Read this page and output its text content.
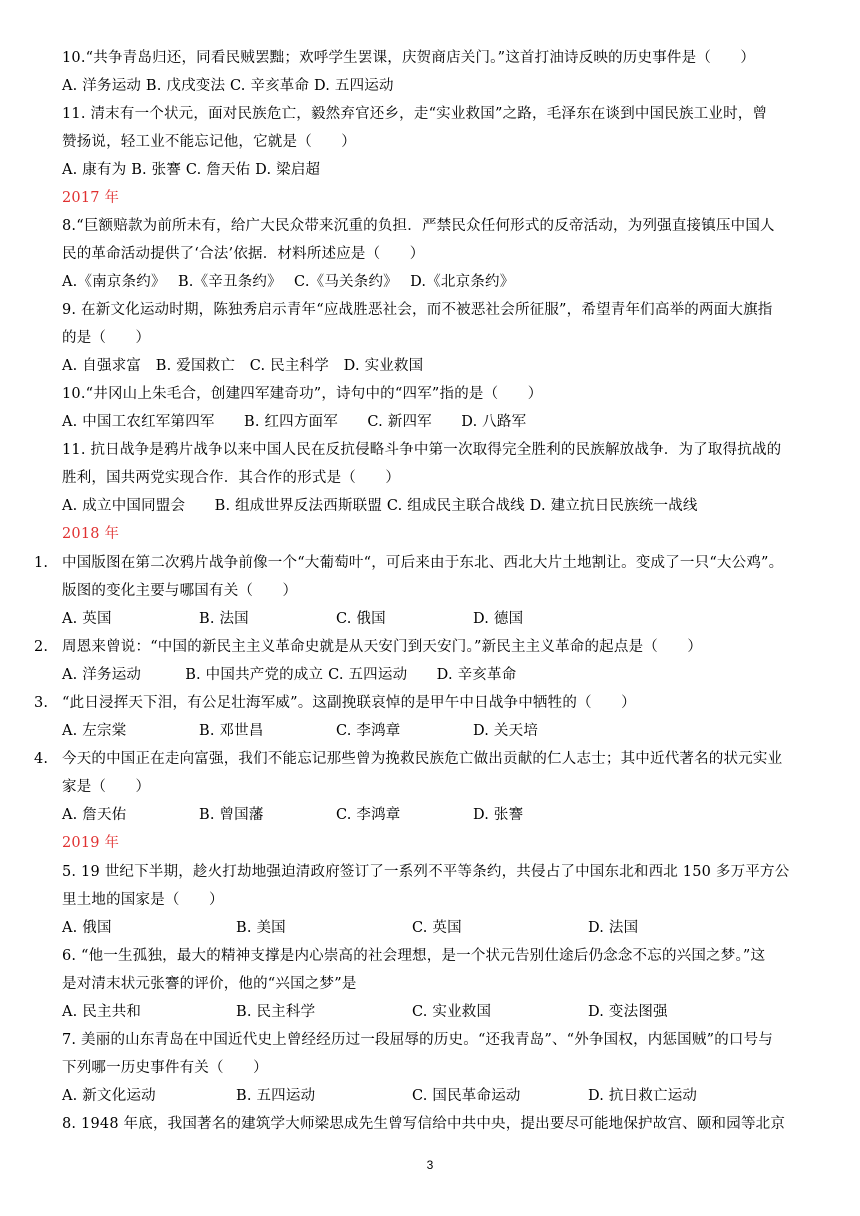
10.“共争青岛归还，同看民贼罢黜；欢呼学生罢课，庆贺商店关门。”这首打油诗反映的历史事件是（　　）
A. 洋务运动 B. 戊戌变法 C. 辛亥革命 D. 五四运动
11. 清末有一个状元，面对民族危亡，毅然弃官还乡，走“实业救国”之路，毛泽东在谈到中国民族工业时，曾
赞扬说，轻工业不能忘记他，它就是（　　）
A. 康有为 B. 张謇 C. 詹天佑 D. 梁启超
2017 年
8.“巨额赔款为前所未有，给广大民众带来沉重的负担．严禁民众任何形式的反帝活动，为列强直接镇压中国人
民的革命活动提供了‘合法’依据．材料所述应是（　　）
A.《南京条约》　 B.《辛丑条约》　 C.《马关条约》　 D.《北京条约》
9. 在新文化运动时期，陈独秀启示青年“应战胜恶社会，而不被恶社会所征服”，希望青年们高举的两面大旗指
的是（　　）
A. 自强求富　B. 爱国救亡　C. 民主科学　D. 实业救国
10.“井冈山上朱毛合，创建四军建奇功”，诗句中的“四军”指的是（　　）
A. 中国工农红军第四军　　B. 红四方面军　　C. 新四军　　D. 八路军
11. 抗日战争是鸦片战争以来中国人民在反抗侵略斗争中第一次取得完全胜利的民族解放战争．为了取得抗战的
胜利，国共两党实现合作．其合作的形式是（　　）
A. 成立中国同盟会　　B. 组成世界反法西斯联盟 C. 组成民主联合战线 D. 建立抗日民族统一战线
2018 年
1. 中国版图在第二次鸦片战争前像一个“大葡萄叶“，可后来由于东北、西北大片土地割让。变成了一只“大公鸡”。
版图的变化主要与哪国有关（　　）
A. 英国	B. 法国	C. 俄国	D. 德国
2. 周恩来曾说：“中国的新民主主义革命史就是从天安门到天安门。”新民主主义革命的起点是（　　）
A. 洋务运动　　　B. 中国共产党的成立 C. 五四运动　　D. 辛亥革命
3. “此日浸挥天下泪，有公足壮海军威”。这副挽联哀悼的是甲午中日战争中牺牲的（　　）
A. 左宗棠	B. 邓世昌	C. 李鸿章	D. 关天培
4. 今天的中国正在走向富强，我们不能忘记那些曾为挽救民族危亡做出贡献的仁人志士；其中近代著名的状元实业
家是（　　）
A. 詹天佑	B. 曾国藩	C. 李鸿章	D. 张謇
2019 年
5. 19 世纪下半期，趁火打劫地强迫清政府签订了一系列不平等条约，共侵占了中国东北和西北 150 多万平方公
里土地的国家是（　　）
A. 俄国	B. 美国	C. 英国	D. 法国
6. “他一生孤独，最大的精神支撑是内心崇高的社会理想，是一个状元告别仕途后仍念念不忘的兴国之梦。”这
是对清末状元张謇的评价，他的“兴国之梦”是
A. 民主共和	B. 民主科学	C. 实业救国	D. 变法图强
7. 美丽的山东青岛在中国近代史上曾经经历过一段屈辱的历史。“还我青岛”、“外争国权，内惩国贼”的口号与
下列哪一历史事件有关（　　）
A. 新文化运动	B. 五四运动	C. 国民革命运动	D. 抗日救亡运动
8. 1948 年底，我国著名的建筑学大师梁思成先生曾写信给中共中央，提出要尽可能地保护故宫、颐和园等北京
3
